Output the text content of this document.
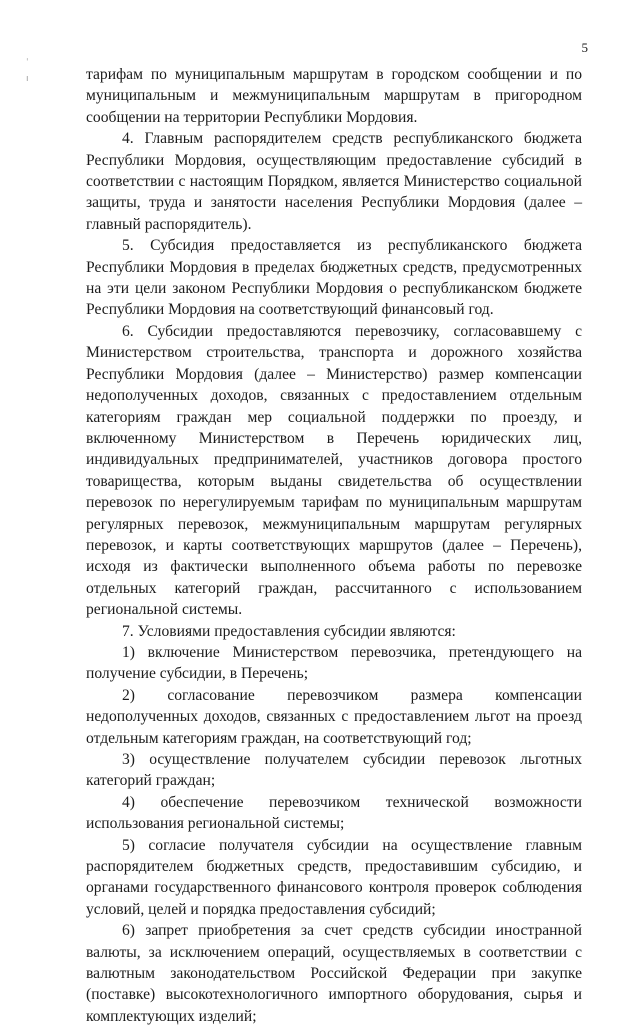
5
ˈ
ı	тарифам по муниципальным маршрутам в городском сообщении и по муниципальным и межмуниципальным маршрутам в пригородном сообщении на территории Республики Мордовия.

4. Главным распорядителем средств республиканского бюджета Республики Мордовия, осуществляющим предоставление субсидий в соответствии с настоящим Порядком, является Министерство социальной защиты, труда и занятости населения Республики Мордовия (далее – главный распорядитель).

5. Субсидия предоставляется из республиканского бюджета Республики Мордовия в пределах бюджетных средств, предусмотренных на эти цели законом Республики Мордовия о республиканском бюджете Республики Мордовия на соответствующий финансовый год.

6. Субсидии предоставляются перевозчику, согласовавшему с Министерством строительства, транспорта и дорожного хозяйства Республики Мордовия (далее – Министерство) размер компенсации недополученных доходов, связанных с предоставлением отдельным категориям граждан мер социальной поддержки по проезду, и включенному Министерством в Перечень юридических лиц, индивидуальных предпринимателей, участников договора простого товарищества, которым выданы свидетельства об осуществлении перевозок по нерегулируемым тарифам по муниципальным маршрутам регулярных перевозок, межмуниципальным маршрутам регулярных перевозок, и карты соответствующих маршрутов (далее – Перечень), исходя из фактически выполненного объема работы по перевозке отдельных категорий граждан, рассчитанного с использованием региональной системы.

7. Условиями предоставления субсидии являются:

1) включение Министерством перевозчика, претендующего на получение субсидии, в Перечень;

2) согласование перевозчиком размера компенсации недополученных доходов, связанных с предоставлением льгот на проезд отдельным категориям граждан, на соответствующий год;

3) осуществление получателем субсидии перевозок льготных категорий граждан;

4) обеспечение перевозчиком технической возможности использования региональной системы;

5) согласие получателя субсидии на осуществление главным распорядителем бюджетных средств, предоставившим субсидию, и органами государственного финансового контроля проверок соблюдения условий, целей и порядка предоставления субсидий;

6) запрет приобретения за счет средств субсидии иностранной валюты, за исключением операций, осуществляемых в соответствии с валютным законодательством Российской Федерации при закупке (поставке) высокотехнологичного импортного оборудования, сырья и комплектующих изделий;
